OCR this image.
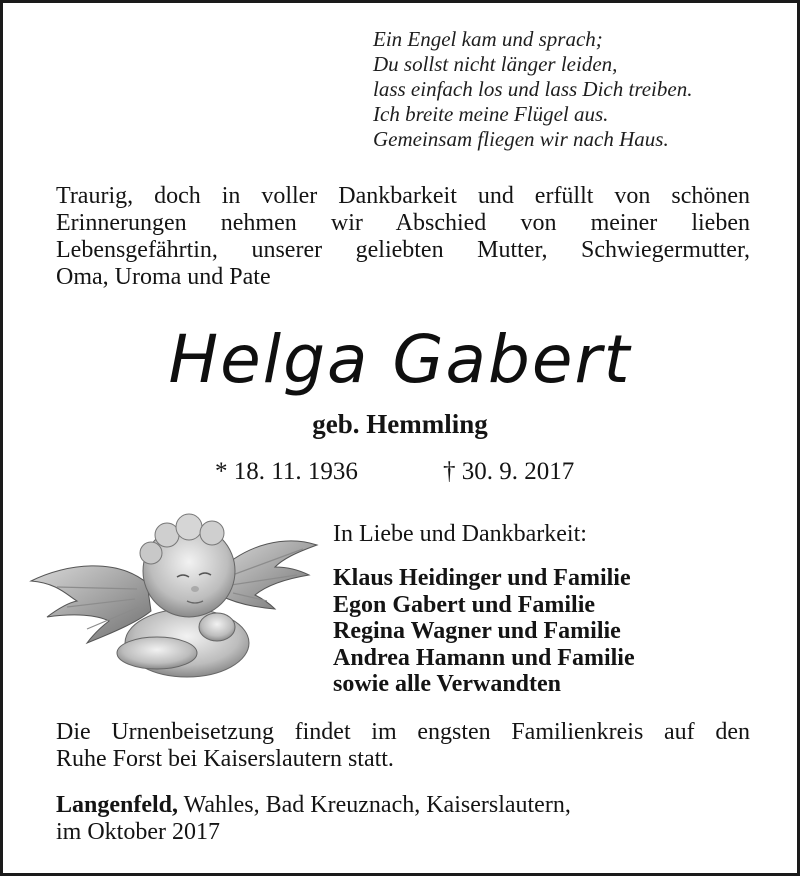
Ein Engel kam und sprach;
Du sollst nicht länger leiden,
lass einfach los und lass Dich treiben.
Ich breite meine Flügel aus.
Gemeinsam fliegen wir nach Haus.
Traurig, doch in voller Dankbarkeit und erfüllt von schönen
Erinnerungen nehmen wir Abschied von meiner lieben
Lebensgefährtin, unserer geliebten Mutter, Schwiegermutter,
Oma, Uroma und Pate
Helga Gabert
geb. Hemmling
* 18. 11. 1936	† 30. 9. 2017
In Liebe und Dankbarkeit:
Klaus Heidinger und Familie
Egon Gabert und Familie
Regina Wagner und Familie
Andrea Hamann und Familie
sowie alle Verwandten
Die Urnenbeisetzung findet im engsten Familienkreis auf den
Ruhe Forst bei Kaiserslautern statt.
Langenfeld, Wahles, Bad Kreuznach, Kaiserslautern,
im Oktober 2017
